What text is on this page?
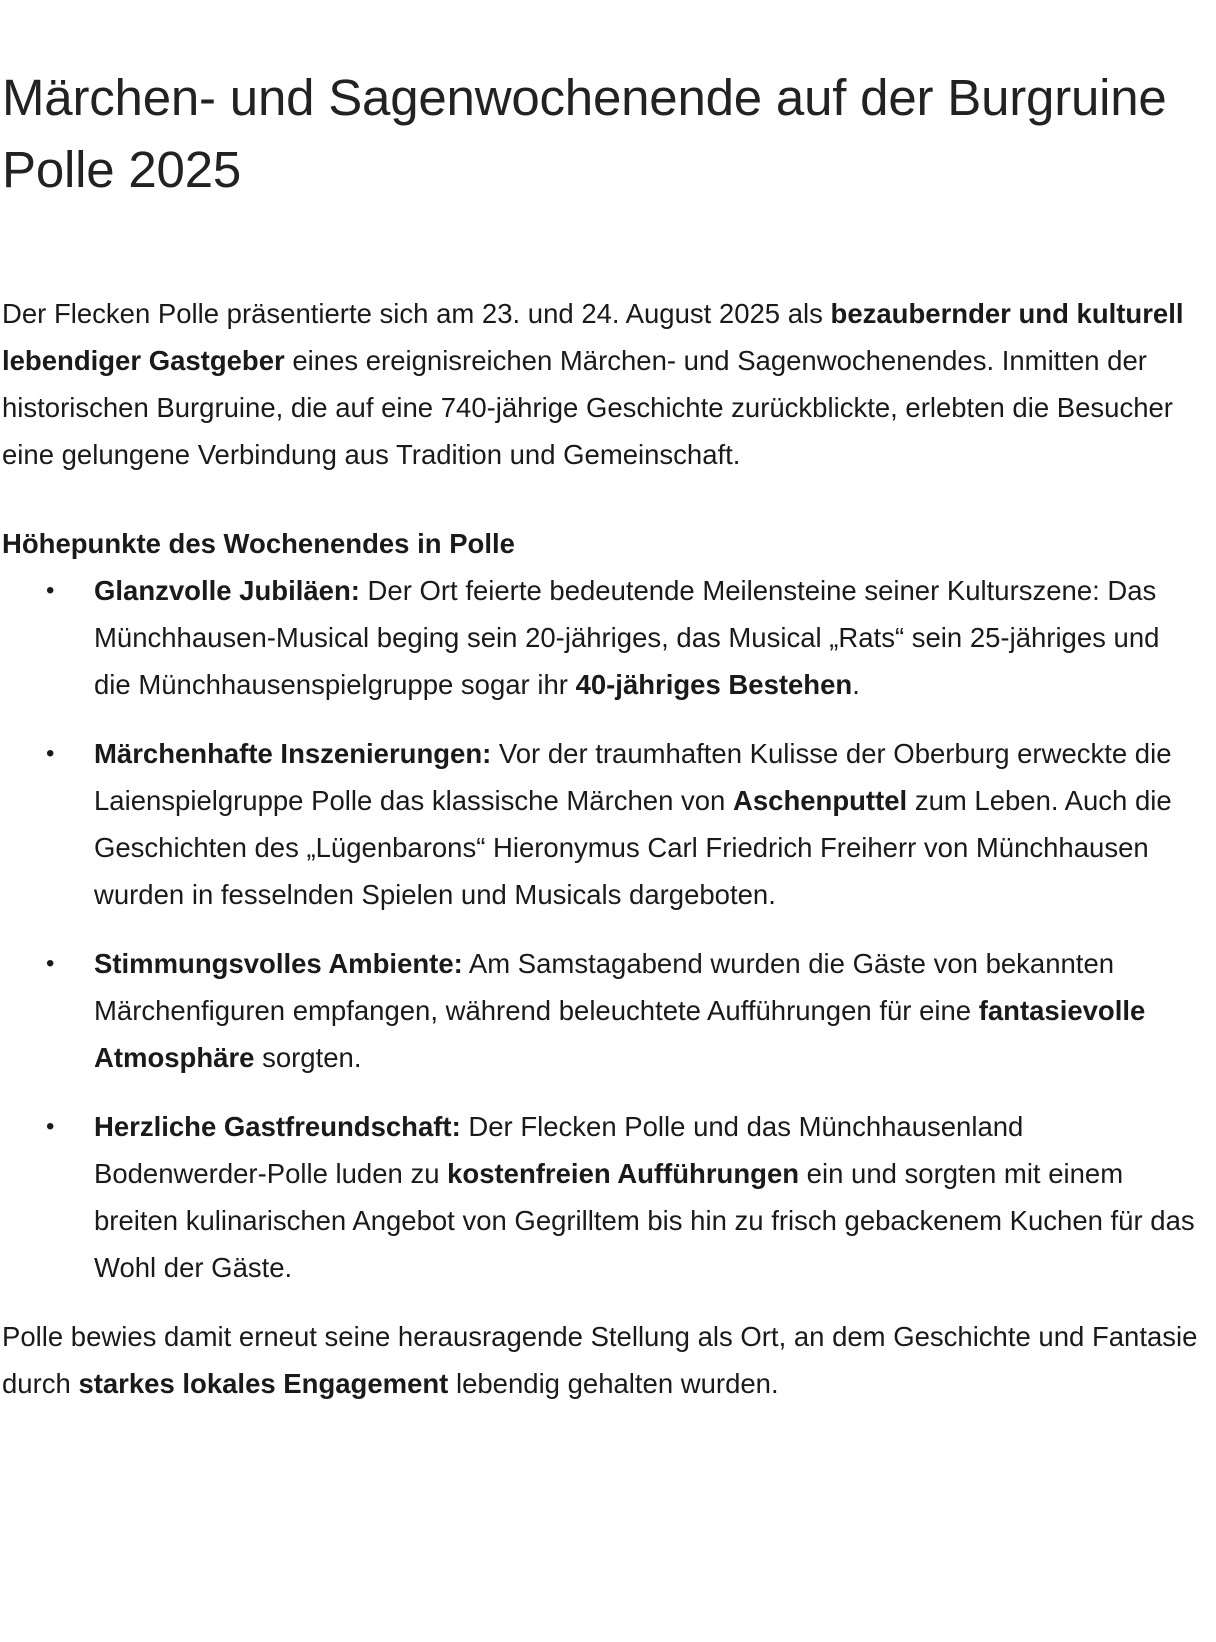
Märchen- und Sagenwochenende auf der Burgruine Polle 2025

Der Flecken Polle präsentierte sich am 23. und 24. August 2025 als bezaubernder und kulturell lebendiger Gastgeber eines ereignisreichen Märchen- und Sagenwochenendes. Inmitten der historischen Burgruine, die auf eine 740-jährige Geschichte zurückblickte, erlebten die Besucher eine gelungene Verbindung aus Tradition und Gemeinschaft.

Höhepunkte des Wochenendes in Polle
• Glanzvolle Jubiläen: Der Ort feierte bedeutende Meilensteine seiner Kulturszene: Das Münchhausen-Musical beging sein 20-jähriges, das Musical „Rats“ sein 25-jähriges und die Münchhausenspielgruppe sogar ihr 40-jähriges Bestehen.
• Märchenhafte Inszenierungen: Vor der traumhaften Kulisse der Oberburg erweckte die Laienspielgruppe Polle das klassische Märchen von Aschenputtel zum Leben. Auch die Geschichten des „Lügenbarons“ Hieronymus Carl Friedrich Freiherr von Münchhausen wurden in fesselnden Spielen und Musicals dargeboten.
• Stimmungsvolles Ambiente: Am Samstagabend wurden die Gäste von bekannten Märchenfiguren empfangen, während beleuchtete Aufführungen für eine fantasievolle Atmosphäre sorgten.
• Herzliche Gastfreundschaft: Der Flecken Polle und das Münchhausenland Bodenwerder-Polle luden zu kostenfreien Aufführungen ein und sorgten mit einem breiten kulinarischen Angebot von Gegrilltem bis hin zu frisch gebackenem Kuchen für das Wohl der Gäste.

Polle bewies damit erneut seine herausragende Stellung als Ort, an dem Geschichte und Fantasie durch starkes lokales Engagement lebendig gehalten wurden.
